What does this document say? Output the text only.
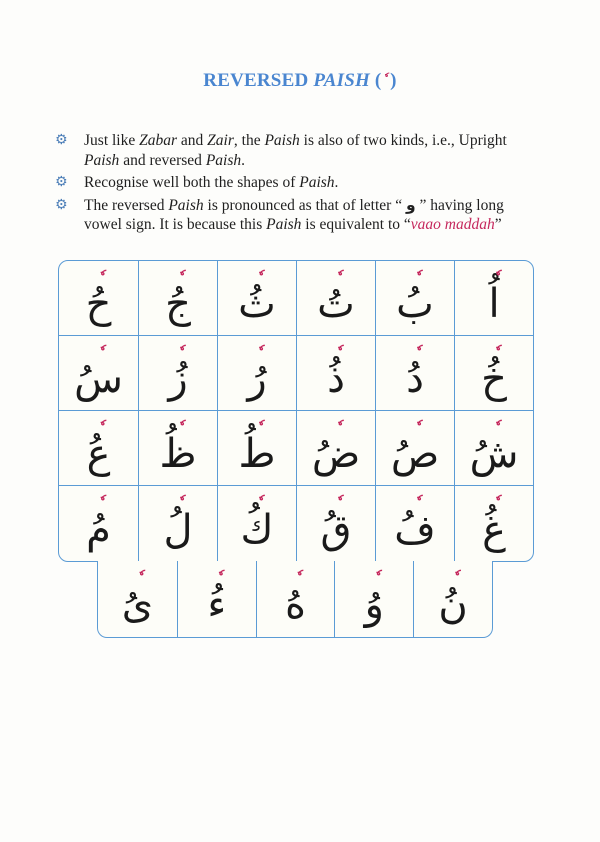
REVERSED PAISH ( )
⚙ Just like Zabar and Zair, the Paish is also of two kinds, i.e., Upright Paish and reversed Paish.
⚙ Recognise well both the shapes of Paish.
⚙ The reversed Paish is pronounced as that of letter “ و ” having long vowel sign. It is because this Paish is equivalent to “vaao maddah”
اُ
بُ
تُ
ثُ
جُ
حُ
خُ
دُ
ذُ
رُ
زُ
سُ
شُ
صُ
ضُ
طُ
ظُ
عُ
غُ
فُ
قُ
كُ
لُ
مُ
نُ
وُ
هُ
ءُ
یُ
